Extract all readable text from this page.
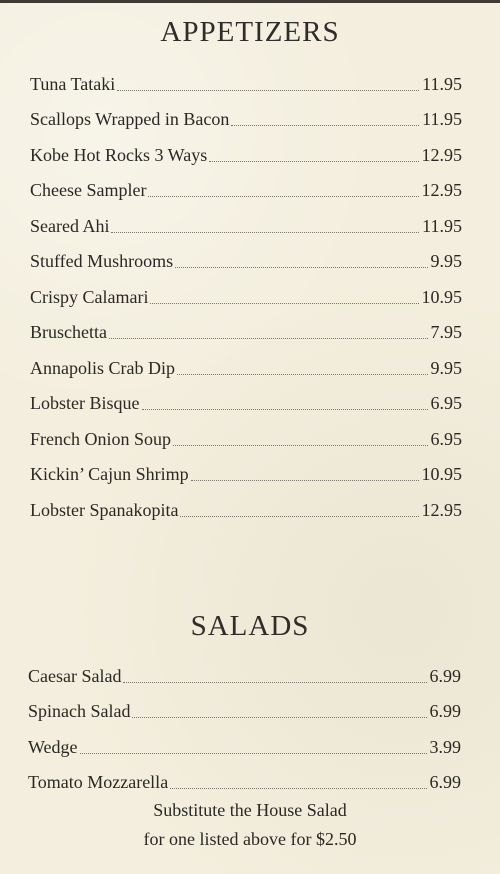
APPETIZERS
Tuna Tataki	11.95
Scallops Wrapped in Bacon	11.95
Kobe Hot Rocks 3 Ways	12.95
Cheese Sampler	12.95
Seared Ahi	11.95
Stuffed Mushrooms	9.95
Crispy Calamari	10.95
Bruschetta	7.95
Annapolis Crab Dip	9.95
Lobster Bisque	6.95
French Onion Soup	6.95
Kickin’ Cajun Shrimp	10.95
Lobster Spanakopita	12.95
SALADS
Caesar Salad	6.99
Spinach Salad	6.99
Wedge	3.99
Tomato Mozzarella	6.99
Substitute the House Salad
for one listed above for $2.50
